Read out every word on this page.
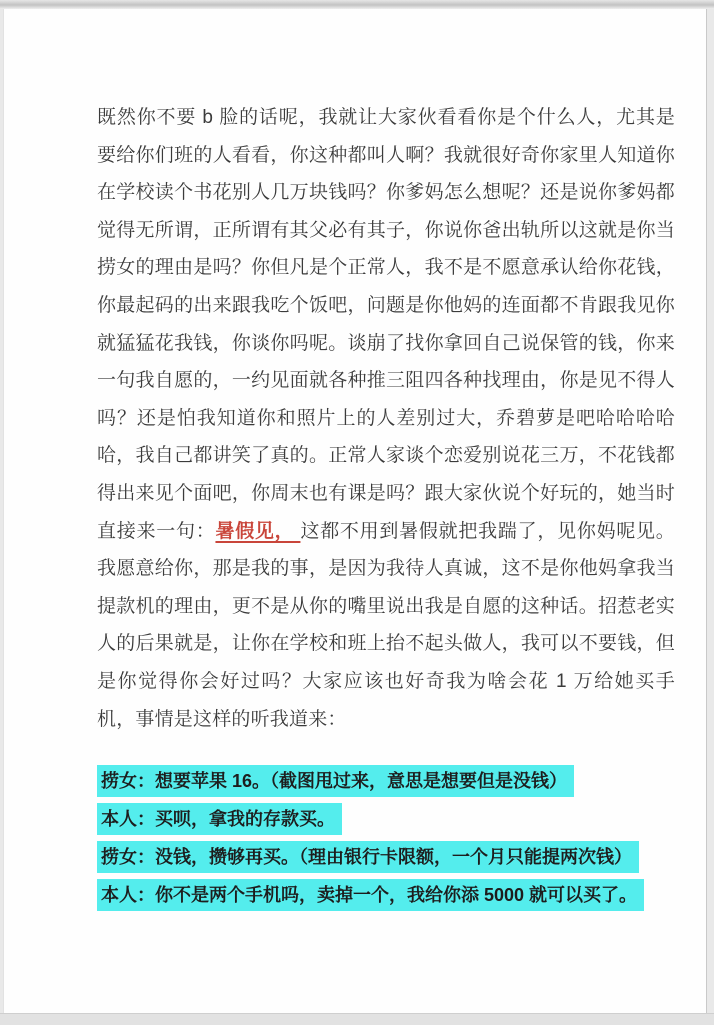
既然你不要 b 脸的话呢，我就让大家伙看看你是个什么人，尤其是要给你们班的人看看，你这种都叫人啊？我就很好奇你家里人知道你在学校读个书花别人几万块钱吗？你爹妈怎么想呢？还是说你爹妈都觉得无所谓，正所谓有其父必有其子，你说你爸出轨所以这就是你当捞女的理由是吗？你但凡是个正常人，我不是不愿意承认给你花钱，你最起码的出来跟我吃个饭吧，问题是你他妈的连面都不肯跟我见你就猛猛花我钱，你谈你吗呢。谈崩了找你拿回自己说保管的钱，你来一句我自愿的，一约见面就各种推三阻四各种找理由，你是见不得人吗？还是怕我知道你和照片上的人差别过大，乔碧萝是吧哈哈哈哈哈，我自己都讲笑了真的。正常人家谈个恋爱别说花三万，不花钱都得出来见个面吧，你周末也有课是吗？跟大家伙说个好玩的，她当时直接来一句：暑假见， 这都不用到暑假就把我踹了，见你妈呢见。我愿意给你，那是我的事，是因为我待人真诚，这不是你他妈拿我当提款机的理由，更不是从你的嘴里说出我是自愿的这种话。招惹老实人的后果就是，让你在学校和班上抬不起头做人，我可以不要钱，但是你觉得你会好过吗？大家应该也好奇我为啥会花 1 万给她买手机，事情是这样的听我道来：

捞女：想要苹果 16。（截图甩过来，意思是想要但是没钱）
本人：买呗，拿我的存款买。
捞女：没钱，攒够再买。（理由银行卡限额，一个月只能提两次钱）
本人：你不是两个手机吗，卖掉一个，我给你添 5000 就可以买了。
